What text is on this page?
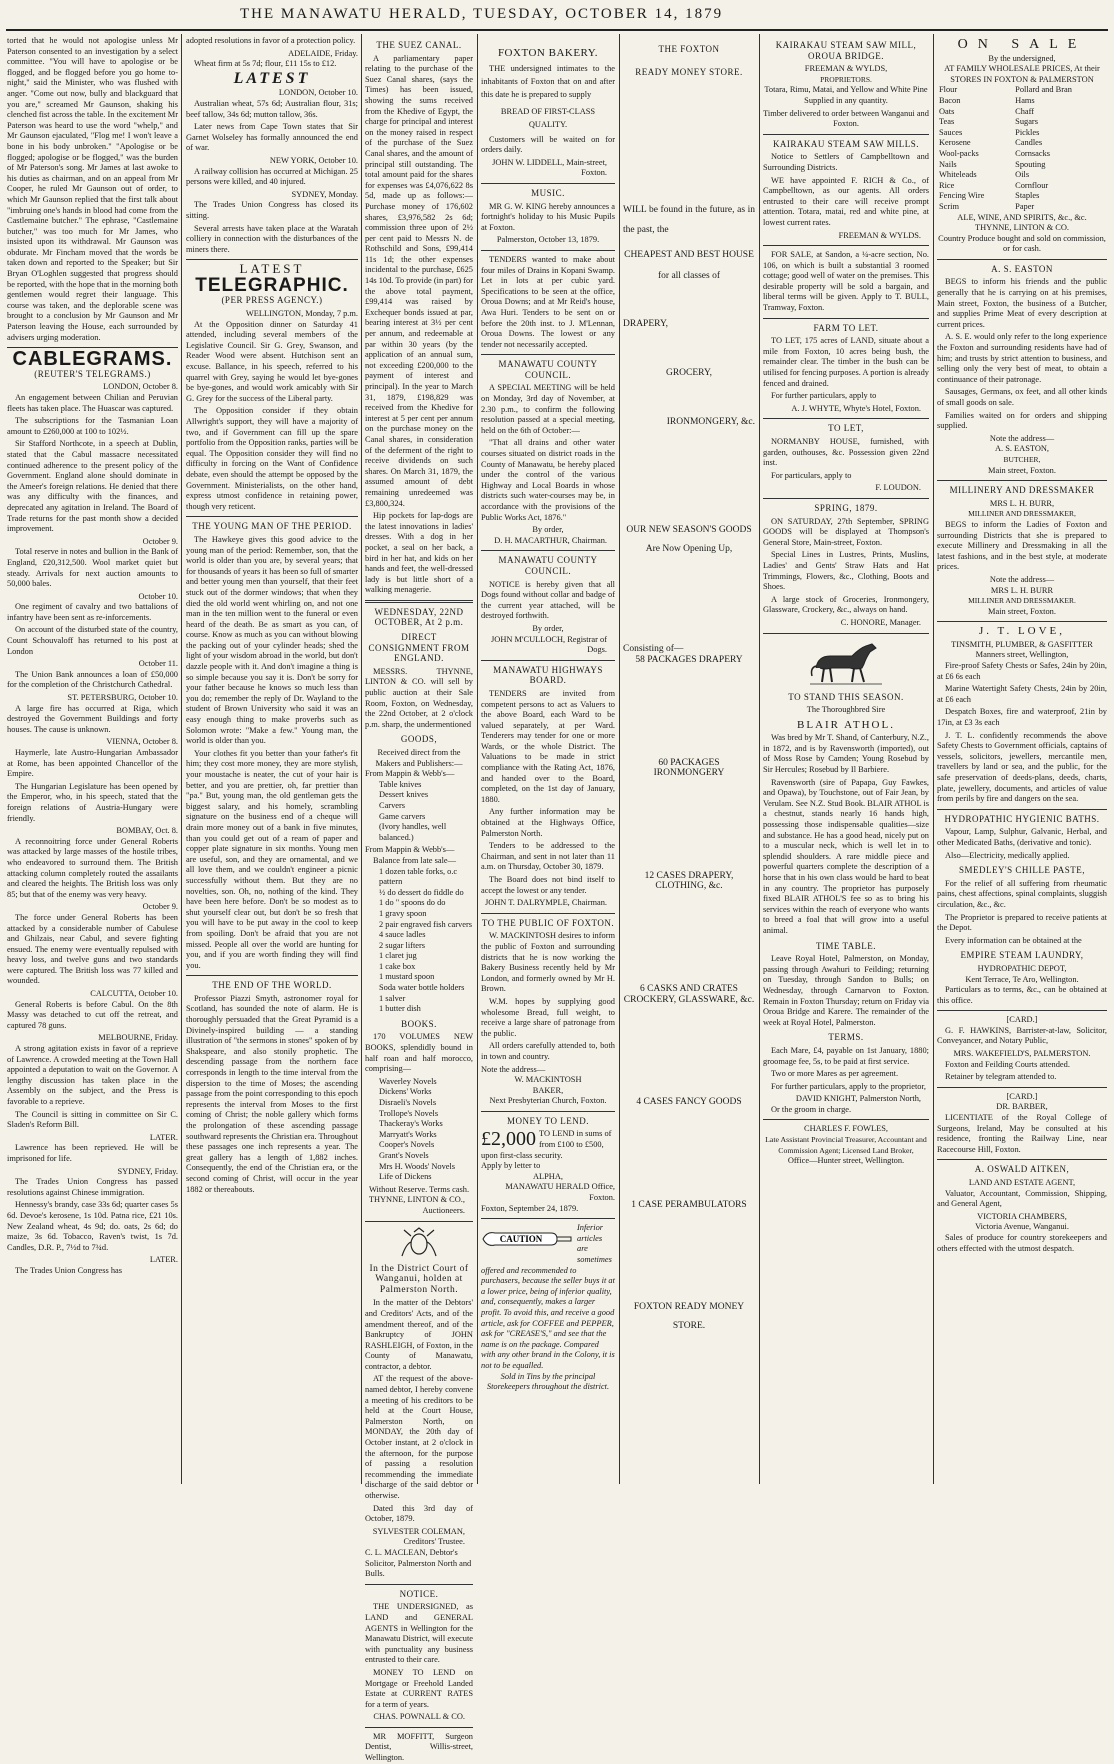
THE MANAWATU HERALD, TUESDAY, OCTOBER 14, 1879

torted that he would not apologise unless Mr Paterson consented to an investigation by a select committee. "You will have to apologise or be flogged, and be flogged before you go home to-night," said the Minister, who was flushed with anger. "Come out now, bully and blackguard that you are," screamed Mr Gaunson, shaking his clenched fist across the table. In the excitement Mr Paterson was heard to use the word "whelp," and Mr Gaunson ejaculated, "Flog me! I won't leave a bone in his body unbroken." "Apologise or be flogged; apologise or be flogged," was the burden of Mr Paterson's song. Mr James at last awoke to his duties as chairman, and on an appeal from Mr Cooper, he ruled Mr Gaunson out of order, to which Mr Gaunson replied that the first talk about "imbruing one's hands in blood had come from the Castlemaine butcher." The ephrase, "Castlemaine butcher," was too much for Mr James, who insisted upon its withdrawal. Mr Gaunson was obdurate. Mr Fincham moved that the words be taken down and reported to the Speaker; but Sir Bryan O'Loghlen suggested that progress should be reported, with the hope that in the morning both gentlemen would regret their language. This course was taken, and the deplorable scene was brought to a conclusion by Mr Gaunson and Mr Paterson leaving the House, each surrounded by advisers urging moderation.

CABLEGRAMS.
(REUTER'S TELEGRAMS.)
LONDON, October 8.

An engagement between Chilian and Peruvian fleets has taken place. The Huascar was captured.

The subscriptions for the Tasmanian Loan amount to £260,000 at 100 to 102½.

Sir Stafford Northcote, in a speech at Dublin, stated that the Cabul massacre necessitated continued adherence to the present policy of the Government. England alone should dominate in the Ameer's foreign relations. He denied that there was any difficulty with the finances, and deprecated any agitation in Ireland. The Board of Trade returns for the past month show a decided improvement.

October 9.

Total reserve in notes and bullion in the Bank of England, £20,312,500. Wool market quiet but steady. Arrivals for next auction amounts to 50,000 bales.

October 10.

One regiment of cavalry and two battalions of infantry have been sent as re-inforcements.

On account of the disturbed state of the country, Count Schouvaloff has returned to his post at London

October 11.

The Union Bank announces a loan of £50,000 for the completion of the Christchurch Cathedral.

ST. PETERSBURG, October 10.

A large fire has occurred at Riga, which destroyed the Government Buildings and forty houses. The cause is unknown.

VIENNA, October 8.

Haymerle, late Austro-Hungarian Ambassador at Rome, has been appointed Chancellor of the Empire.

The Hungarian Legislature has been opened by the Emperor, who, in his speech, stated that the foreign relations of Austria-Hungary were friendly.

BOMBAY, Oct. 8.

A reconnoitring force under General Roberts was attacked by large masses of the hostile tribes, who endeavored to surround them. The British attacking column completely routed the assailants and cleared the heights. The British loss was only 85; but that of the enemy was very heavy.

October 9.

The force under General Roberts has been attacked by a considerable number of Cabulese and Ghilzais, near Cabul, and severe fighting ensued. The enemy were eventually repulsed with heavy loss, and twelve guns and two standards were captured. The British loss was 77 killed and wounded.

CALCUTTA, October 10.

General Roberts is before Cabul. On the 8th Massy was detached to cut off the retreat, and captured 78 guns.

MELBOURNE, Friday.

A strong agitation exists in favor of a reprieve of Lawrence. A crowded meeting at the Town Hall appointed a deputation to wait on the Governor. A lengthy discussion has taken place in the Assembly on the subject, and the Press is favorable to a reprieve.

The Council is sitting in committee on Sir C. Sladen's Reform Bill.

LATER.

Lawrence has been reprieved. He will be imprisoned for life.

SYDNEY, Friday.

The Trades Union Congress has passed resolutions against Chinese immigration.

Hennessy's brandy, case 33s 6d; quarter cases 5s 6d. Devoe's kerosene, 1s 10d. Patna rice, £21 10s. New Zealand wheat, 4s 9d; do. oats, 2s 6d; do maize, 3s 6d. Tobacco, Raven's twist, 1s 7d. Candles, D.R. P., 7½d to 7¾d.

LATER.

The Trades Union Congress has

adopted resolutions in favor of a protection policy.

ADELAIDE, Friday.

Wheat firm at 5s 7d; flour, £11 15s to £12.

LATEST
LONDON, October 10.

Australian wheat, 57s 6d; Australian flour, 31s; beef tallow, 34s 6d; mutton tallow, 36s.

Later news from Cape Town states that Sir Garnet Wolseley has formally announced the end of war.

NEW YORK, October 10.

A railway collision has occurred at Michigan. 25 persons were killed, and 40 injured.

SYDNEY, Monday.

The Trades Union Congress has closed its sitting.

Several arrests have taken place at the Waratah colliery in connection with the disturbances of the miners there.

LATEST
TELEGRAPHIC.
(PER PRESS AGENCY.)
WELLINGTON, Monday, 7 p.m.

At the Opposition dinner on Saturday 41 attended, including several members of the Legislative Council. Sir G. Grey, Swanson, and Reader Wood were absent. Hutchison sent an excuse. Ballance, in his speech, referred to his quarrel with Grey, saying he would let bye-gones be bye-gones, and would work amicably with Sir G. Grey for the success of the Liberal party.

The Opposition consider if they obtain Allwright's support, they will have a majority of two, and if Government can fill up the spare portfolio from the Opposition ranks, parties will be equal. The Opposition consider they will find no difficulty in forcing on the Want of Confidence debate, even should the attempt be opposed by the Government. Ministerialists, on the other hand, express utmost confidence in retaining power, though very reticent.

THE YOUNG MAN OF THE PERIOD.

The Hawkeye gives this good advice to the young man of the period: Remember, son, that the world is older than you are, by several years; that for thousands of years it has been so full of smarter and better young men than yourself, that their feet stuck out of the dormer windows; that when they died the old world went whirling on, and not one man in the ten million went to the funeral or even heard of the death. Be as smart as you can, of course. Know as much as you can without blowing the packing out of your cylinder heads; shed the light of your wisdom abroad in the world, but don't dazzle people with it. And don't imagine a thing is so simple because you say it is. Don't be sorry for your father because he knows so much less than you do; remember the reply of Dr. Wayland to the student of Brown University who said it was an easy enough thing to make proverbs such as Solomon wrote: "Make a few." Young man, the world is older than you.

Your clothes fit you better than your father's fit him; they cost more money, they are more stylish, your moustache is neater, the cut of your hair is better, and you are prettier, oh, far prettier than "pa." But, young man, the old gentleman gets the biggest salary, and his homely, scrambling signature on the business end of a cheque will drain more money out of a bank in five minutes, than you could get out of a ream of paper and copper plate signature in six months. Young men are useful, son, and they are ornamental, and we all love them, and we couldn't engineer a picnic successfully without them. But they are no novelties, son. Oh, no, nothing of the kind. They have been here before. Don't be so modest as to shut yourself clear out, but don't be so fresh that you will have to be put away in the cool to keep from spoiling. Don't be afraid that you are not missed. People all over the world are hunting for you, and if you are worth finding they will find you.

THE END OF THE WORLD.

Professor Piazzi Smyth, astronomer royal for Scotland, has sounded the note of alarm. He is thoroughly persuaded that the Great Pyramid is a Divinely-inspired building — a standing illustration of "the sermons in stones" spoken of by Shakspeare, and also stonily prophetic. The descending passage from the northern face corresponds in length to the time interval from the dispersion to the time of Moses; the ascending passage from the point corresponding to this epoch represents the interval from Moses to the first coming of Christ; the noble gallery which forms the prolongation of these ascending passage southward represents the Christian era. Throughout these passages one inch represents a year. The great gallery has a length of 1,882 inches. Consequently, the end of the Christian era, or the second coming of Christ, will occur in the year 1882 or thereabouts.

THE SUEZ CANAL.

A parliamentary paper relating to the purchase of the Suez Canal shares, (says the Times) has been issued, showing the sums received from the Khedive of Egypt, the charge for principal and interest on the money raised in respect of the purchase of the Suez Canal shares, and the amount of principal still outstanding. The total amount paid for the shares for expenses was £4,076,622 8s 5d, made up as follows:— Purchase money of 176,602 shares, £3,976,582 2s 6d; commission three upon of 2½ per cent paid to Messrs N. de Rothschild and Sons, £99,414 11s 1d; the other expenses incidental to the purchase, £625 14s 10d. To provide (in part) for the above total payment, £99,414 was raised by Exchequer bonds issued at par, bearing interest at 3½ per cent per annum, and redeemable at par within 30 years (by the application of an annual sum, not exceeding £200,000 to the payment of interest and principal). In the year to March 31, 1879, £198,829 was received from the Khedive for interest at 5 per cent per annum on the purchase money on the Canal shares, in consideration of the deferment of the right to receive dividends on such shares. On March 31, 1879, the assumed amount of debt remaining unredeemed was £3,800,324.

Hip pockets for lap-dogs are the latest innovations in ladies' dresses. With a dog in her pocket, a seal on her back, a bird in her hat, and kids on her hands and feet, the well-dressed lady is but little short of a walking menagerie.

WEDNESDAY, 22ND OCTOBER, At 2 p.m.
DIRECT CONSIGNMENT FROM ENGLAND.

MESSRS. THYNNE, LINTON & CO. will sell by public auction at their Sale Room, Foxton, on Wednesday, the 22nd October, at 2 o'clock p.m. sharp, the undermentioned

GOODS,
Received direct from the Makers and Publishers:—
From Mappin & Webb's—
Table knives
Dessert knives
Carvers
Game carvers
(Ivory handles, well balanced.)
From Mappin & Webb's—
Balance from late sale—
1 dozen table forks, o.c pattern
½ do dessert do fiddle do
1 do " spoons do do
1 gravy spoon
2 pair engraved fish carvers
4 sauce ladles
2 sugar lifters
1 claret jug
1 cake box
1 mustard spoon
Soda water bottle holders
1 salver
1 butter dish
BOOKS.

170 VOLUMES NEW BOOKS, splendidly bound in half roan and half morocco, comprising—

Waverley Novels
Dickens' Works
Disraeli's Novels
Trollope's Novels
Thackeray's Works
Marryatt's Works
Cooper's Novels
Grant's Novels
Mrs H. Woods' Novels
Life of Dickens
Without Reserve. Terms cash.
THYNNE, LINTON & CO., Auctioneers.
In the District Court of Wanganui, holden at Palmerston North.

In the matter of the Debtors' and Creditors' Acts, and of the amendment thereof, and of the Bankruptcy of JOHN RASHLEIGH, of Foxton, in the County of Manawatu, contractor, a debtor.

AT the request of the above-named debtor, I hereby convene a meeting of his creditors to be held at the Court House, Palmerston North, on MONDAY, the 20th day of October instant, at 2 o'clock in the afternoon, for the purpose of passing a resolution recommending the immediate discharge of the said debtor or otherwise.

Dated this 3rd day of October, 1879.

SYLVESTER COLEMAN, Creditors' Trustee.
C. L. MACLEAN, Debtor's Solicitor, Palmerston North and Bulls.
NOTICE.

THE UNDERSIGNED, as LAND and GENERAL AGENTS in Wellington for the Manawatu District, will execute with punctuality any business entrusted to their care.

MONEY TO LEND on Mortgage or Freehold Landed Estate at CURRENT RATES for a term of years.

CHAS. POWNALL & CO.

MR MOFFITT, Surgeon Dentist, Willis-street, Wellington.

FOXTON BAKERY.

THE undersigned intimates to the inhabitants of Foxton that on and after this date he is prepared to supply

BREAD OF FIRST-CLASS QUALITY.

Customers will be waited on for orders daily.

JOHN W. LIDDELL, Main-street, Foxton.
MUSIC.

MR G. W. KING hereby announces a fortnight's holiday to his Music Pupils at Foxton.

Palmerston, October 13, 1879.

TENDERS wanted to make about four miles of Drains in Kopani Swamp. Let in lots at per cubic yard. Specifications to be seen at the office, Oroua Downs; and at Mr Reid's house, Awa Huri. Tenders to be sent on or before the 20th inst. to J. M'Lennan, Oroua Downs. The lowest or any tender not necessarily accepted.

MANAWATU COUNTY COUNCIL.

A SPECIAL MEETING will be held on Monday, 3rd day of November, at 2.30 p.m., to confirm the following resolution passed at a special meeting, held on the 6th of October:—

"That all drains and other water courses situated on district roads in the County of Manawatu, be hereby placed under the control of the various Highway and Local Boards in whose districts such water-courses may be, in accordance with the provisions of the Public Works Act, 1876."

By order,
D. H. MACARTHUR, Chairman.
MANAWATU COUNTY COUNCIL.

NOTICE is hereby given that all Dogs found without collar and badge of the current year attached, will be destroyed forthwith.

By order,
JOHN M'CULLOCH, Registrar of Dogs.
MANAWATU HIGHWAYS BOARD.

TENDERS are invited from competent persons to act as Valuers to the above Board, each Ward to be valued separately, at per Ward. Tenderers may tender for one or more Wards, or the whole District. The Valuations to be made in strict compliance with the Rating Act, 1876, and handed over to the Board, completed, on the 1st day of January, 1880.

Any further information may be obtained at the Highways Office, Palmerston North.

Tenders to be addressed to the Chairman, and sent in not later than 11 a.m. on Thursday, October 30, 1879.

The Board does not bind itself to accept the lowest or any tender.

JOHN T. DALRYMPLE, Chairman.
TO THE PUBLIC OF FOXTON.

W. MACKINTOSH desires to inform the public of Foxton and surrounding districts that he is now working the Bakery Business recently held by Mr London, and formerly owned by Mr H. Brown.

W.M. hopes by supplying good wholesome Bread, full weight, to receive a large share of patronage from the public.

All orders carefully attended to, both in town and country.

Note the address—
W. MACKINTOSH
BAKER,
Next Presbyterian Church, Foxton.
MONEY TO LEND.
£2,000 TO LEND in sums of from £100 to £500, upon first-class security.
Apply by letter to
ALPHA,
MANAWATU HERALD Office, Foxton.
Foxton, September 24, 1879.
CAUTION
Inferior articles are sometimes offered and recommended to purchasers, because the seller buys it at a lower price, being of inferior quality, and, consequently, makes a larger profit. To avoid this, and receive a good article, ask for COFFEE and PEPPER, ask for "CREASE'S," and see that the name is on the package. Compared with any other brand in the Colony, it is not to be equalled.

Sold in Tins by the principal Storekeepers throughout the district.

THE FOXTON
READY MONEY STORE.

WILL be found in the future, as in the past, the

CHEAPEST AND BEST HOUSE
for all classes of
DRAPERY,
GROCERY,
IRONMONGERY, &c.
OUR NEW SEASON'S GOODS
Are Now Opening Up,
Consisting of—
58 PACKAGES DRAPERY
60 PACKAGES IRONMONGERY
12 CASES DRAPERY, CLOTHING, &c.
6 CASKS AND CRATES CROCKERY, GLASSWARE, &c.
4 CASES FANCY GOODS
1 CASE PERAMBULATORS
FOXTON READY MONEY
STORE.
KAIRAKAU STEAM SAW MILL, OROUA BRIDGE.
FREEMAN & WYLDS,
PROPRIETORS.

Totara, Rimu, Matai, and Yellow and White Pine Supplied in any quantity.

Timber delivered to order between Wanganui and Foxton.

KAIRAKAU STEAM SAW MILLS.

Notice to Settlers of Campbelltown and Surrounding Districts.

WE have appointed F. RICH & Co., of Campbelltown, as our agents. All orders entrusted to their care will receive prompt attention. Totara, matai, red and white pine, at lowest current rates.

FREEMAN & WYLDS.

FOR SALE, at Sandon, a ¼-acre section, No. 106, on which is built a substantial 3 roomed cottage; good well of water on the premises. This desirable property will be sold a bargain, and liberal terms will be given. Apply to T. BULL, Tramway, Foxton.

FARM TO LET.

TO LET, 175 acres of LAND, situate about a mile from Foxton, 10 acres being bush, the remainder clear. The timber in the bush can be utilised for fencing purposes. A portion is already fenced and drained.

For further particulars, apply to

A. J. WHYTE, Whyte's Hotel, Foxton.
TO LET,

NORMANBY HOUSE, furnished, with garden, outhouses, &c. Possession given 22nd inst.

For particulars, apply to

F. LOUDON.
SPRING, 1879.

ON SATURDAY, 27th September, SPRING GOODS will be displayed at Thompson's General Store, Main-street, Foxton.

Special Lines in Lustres, Prints, Muslins, Ladies' and Gents' Straw Hats and Hat Trimmings, Flowers, &c., Clothing, Boots and Shoes.

A large stock of Groceries, Ironmongery, Glassware, Crockery, &c., always on hand.

C. HONORE, Manager.
TO STAND THIS SEASON.
The Thoroughbred Sire
BLAIR ATHOL.

Was bred by Mr T. Shand, of Canterbury, N.Z., in 1872, and is by Ravensworth (imported), out of Moss Rose by Camden; Young Rosebud by Sir Hercules; Rosebud by Il Barbiere.

Ravensworth (sire of Papapa, Guy Fawkes, and Opawa), by Touchstone, out of Fair Jean, by Verulam. See N.Z. Stud Book. BLAIR ATHOL is a chestnut, stands nearly 16 hands high, possessing those indispensable qualities—size and substance. He has a good head, nicely put on to a muscular neck, which is well let in to splendid shoulders. A rare middle piece and powerful quarters complete the description of a horse that in his own class would be hard to beat in any country. The proprietor has purposely fixed BLAIR ATHOL'S fee so as to bring his services within the reach of everyone who wants to breed a foal that will grow into a useful animal.

TIME TABLE.

Leave Royal Hotel, Palmerston, on Monday, passing through Awahuri to Feilding; returning on Tuesday, through Sandon to Bulls; on Wednesday, through Carnarvon to Foxton. Remain in Foxton Thursday; return on Friday via Oroua Bridge and Karere. The remainder of the week at Royal Hotel, Palmerston.

TERMS.

Each Mare, £4, payable on 1st January, 1880; groomage fee, 5s, to be paid at first service.

Two or more Mares as per agreement.

For further particulars, apply to the proprietor,

DAVID KNIGHT, Palmerston North,

Or the groom in charge.

CHARLES F. FOWLES,
Late Assistant Provincial Treasurer, Accountant and Commission Agent; Licensed Land Broker,
Office—Hunter street, Wellington.
ON SALE
By the undersigned,
AT FAMILY WHOLESALE PRICES, At their
STORES IN FOXTON & PALMERSTON
Flour	Pollard and Bran
Bacon	Hams
Oats	Chaff
Teas	Sugars
Sauces	Pickles
Kerosene	Candles
Wool-packs	Cornsacks
Nails	Spouting
Whiteleads	Oils
Rice	Cornflour
Fencing Wire	Staples
Scrim	Paper
ALE, WINE, AND SPIRITS, &c., &c.
THYNNE, LINTON & CO.

Country Produce bought and sold on commission, or for cash.

A. S. EASTON

BEGS to inform his friends and the public generally that he is carrying on at his premises, Main street, Foxton, the business of a Butcher, and supplies Prime Meat of every description at current prices.

A. S. E. would only refer to the long experience the Foxton and surrounding residents have had of him; and trusts by strict attention to business, and selling only the very best of meat, to obtain a continuance of their patronage.

Sausages, Germans, ox feet, and all other kinds of small goods on sale.

Families waited on for orders and shipping supplied.

Note the address—
A. S. EASTON,
BUTCHER,
Main street, Foxton.
MILLINERY AND DRESSMAKER
MRS L. H. BURR,
MILLINER AND DRESSMAKER,

BEGS to inform the Ladies of Foxton and surrounding Districts that she is prepared to execute Millinery and Dressmaking in all the latest fashions, and in the best style, at moderate prices.

Note the address—
MRS L. H. BURR
MILLINER AND DRESSMAKER.
Main street, Foxton.
J. T. LOVE,
TINSMITH, PLUMBER, & GASFITTER
Manners street, Wellington,

Fire-proof Safety Chests or Safes, 24in by 20in, at £6 6s each

Marine Watertight Safety Chests, 24in by 20in, at £6 each

Despatch Boxes, fire and waterproof, 21in by 17in, at £3 3s each

J. T. L. confidently recommends the above Safety Chests to Government officials, captains of vessels, solicitors, jewellers, mercantile men, travellers by land or sea, and the public, for the safe preservation of deeds-plans, deeds, charts, plate, jewellery, documents, and articles of value from perils by fire and dangers on the sea.

HYDROPATHIC HYGIENIC BATHS.

Vapour, Lamp, Sulphur, Galvanic, Herbal, and other Medicated Baths, (derivative and tonic).

Also—Electricity, medically applied.

SMEDLEY'S CHILLE PASTE,

For the relief of all suffering from rheumatic pains, chest affections, spinal complaints, sluggish circulation, &c., &c.

The Proprietor is prepared to receive patients at the Depot.

Every information can be obtained at the

EMPIRE STEAM LAUNDRY,
HYDROPATHIC DEPOT,
Kent Terrace, Te Aro, Wellington.

Particulars as to terms, &c., can be obtained at this office.

[CARD.]

G. F. HAWKINS, Barrister-at-law, Solicitor, Conveyancer, and Notary Public,

MRS. WAKEFIELD'S, PALMERSTON.

Foxton and Feilding Courts attended.

Retainer by telegram attended to.

[CARD.]
DR. BARBER,

LICENTIATE of the Royal College of Surgeons, Ireland, May be consulted at his residence, fronting the Railway Line, near Racecourse Hill, Foxton.

A. OSWALD AITKEN,
LAND AND ESTATE AGENT,

Valuator, Accountant, Commission, Shipping, and General Agent,

VICTORIA CHAMBERS,
Victoria Avenue, Wanganui.

Sales of produce for country storekeepers and others effected with the utmost despatch.
